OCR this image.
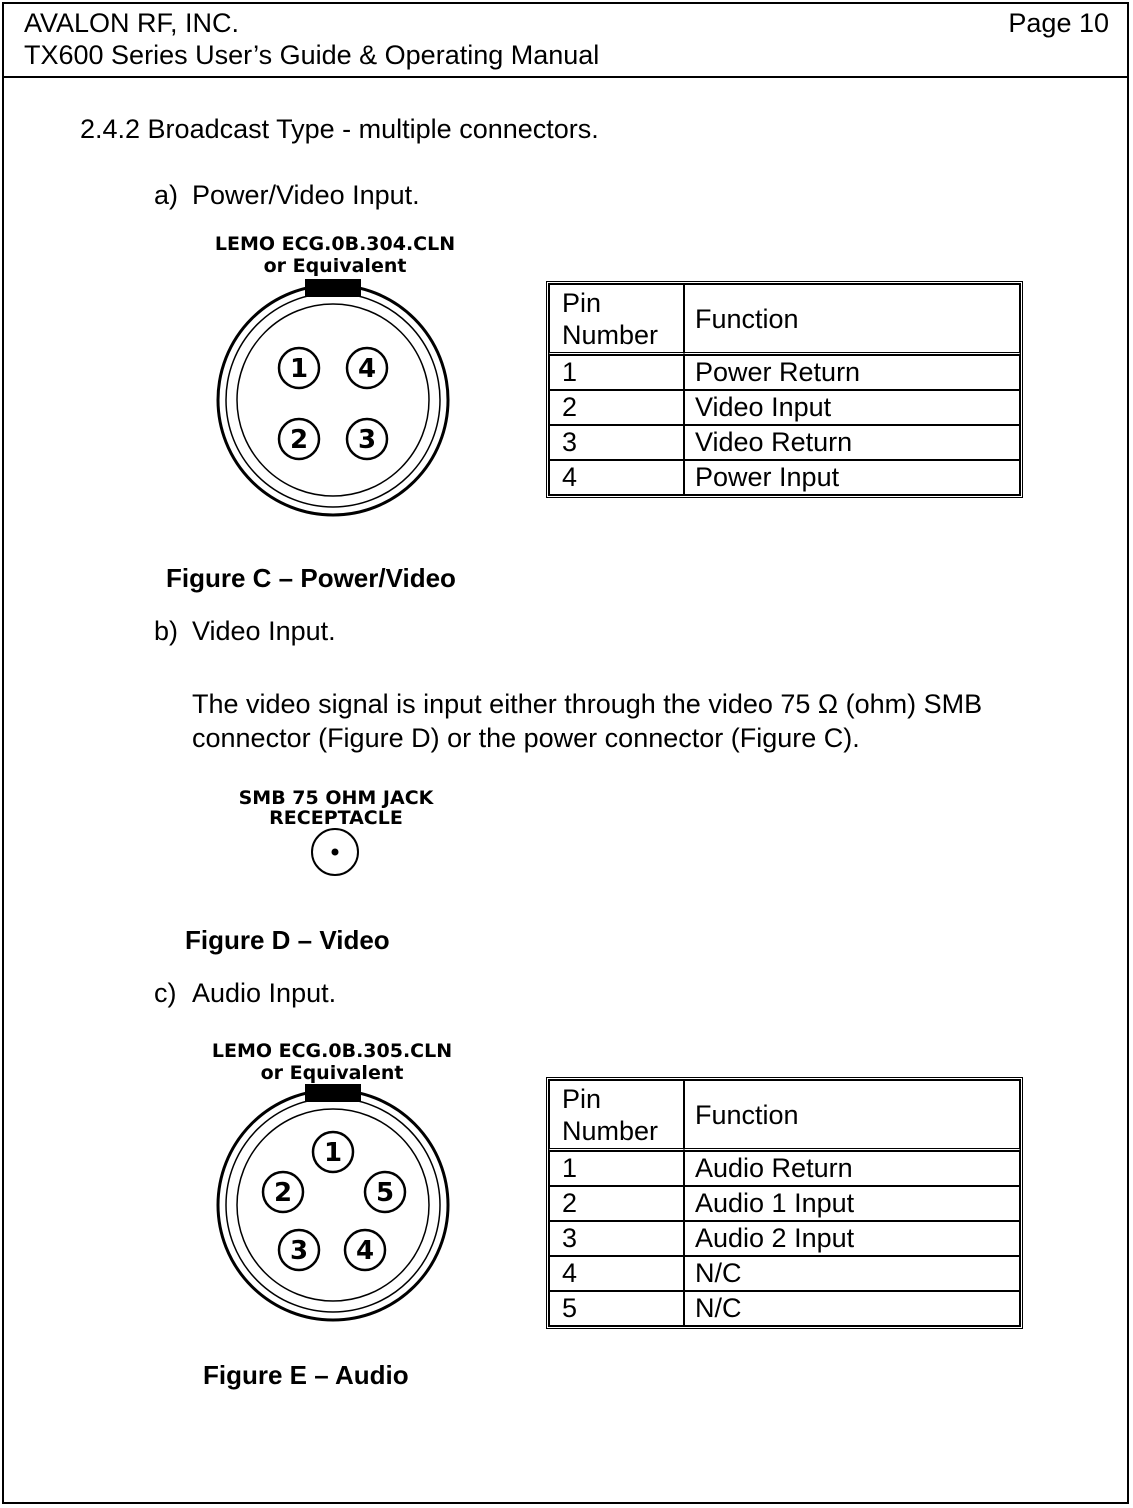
AVALON RF, INC.	Page 10
TX600 Series User’s Guide & Operating Manual
2.4.2 Broadcast Type - multiple connectors.
a) Power/Video Input.
LEMO ECG.0B.304.CLN
or Equivalent
1 4
2 3
Pin Number	Function
1	Power Return
2	Video Input
3	Video Return
4	Power Input
Figure C – Power/Video
b) Video Input.
The video signal is input either through the video 75 Ω (ohm) SMB
connector (Figure D) or the power connector (Figure C).
SMB 75 OHM JACK
RECEPTACLE
Figure D – Video
c) Audio Input.
LEMO ECG.0B.305.CLN
or Equivalent
1
2	5
3 4
Pin Number	Function
1	Audio Return
2	Audio 1 Input
3	Audio 2 Input
4	N/C
5	N/C
Figure E – Audio
